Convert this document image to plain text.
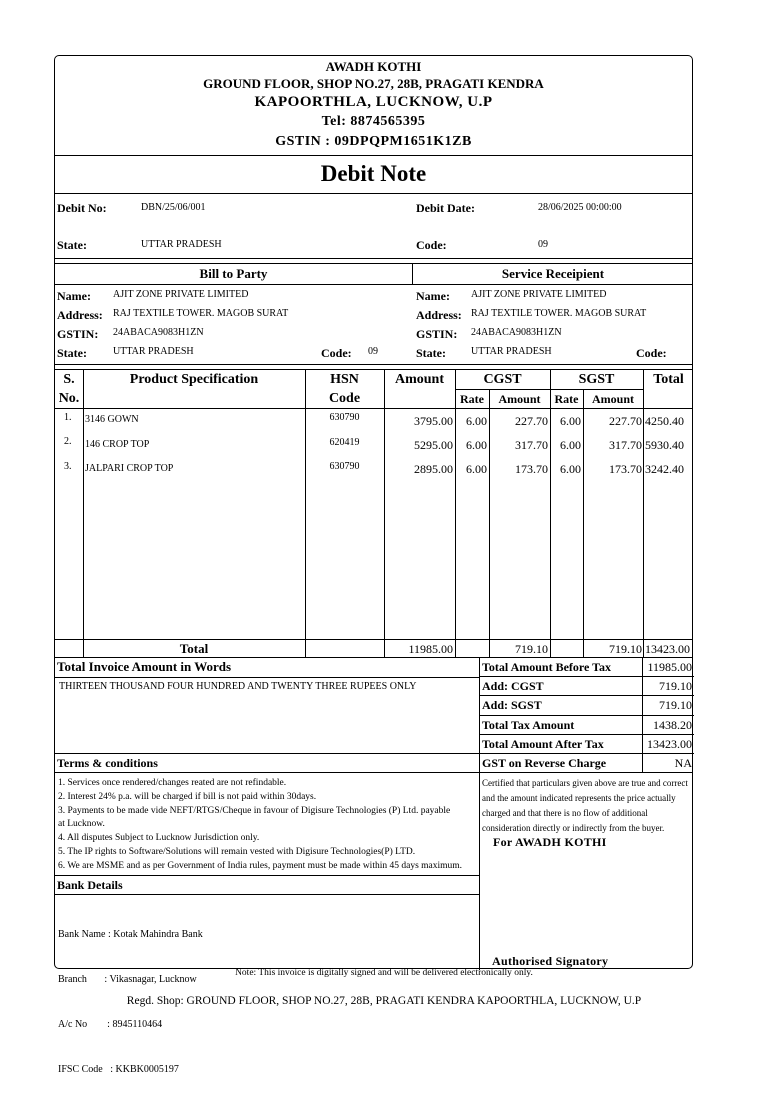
AWADH KOTHI
GROUND FLOOR, SHOP NO.27, 28B, PRAGATI KENDRA
KAPOORTHLA, LUCKNOW, U.P
Tel: 8874565395
GSTIN : 09DPQPM1651K1ZB
Debit Note
Debit No:	DBN/25/06/001	Debit Date:	28/06/2025 00:00:00
State:	UTTAR PRADESH	Code:	09
Bill to Party	Service Receipient
Name: AJIT ZONE PRIVATE LIMITED
Address: RAJ TEXTILE TOWER. MAGOB SURAT
GSTIN: 24ABACA9083H1ZN
State:	UTTAR PRADESH	Code: 09
Name: AJIT ZONE PRIVATE LIMITED
Address: RAJ TEXTILE TOWER. MAGOB SURAT
GSTIN: 24ABACA9083H1ZN
State:	UTTAR PRADESH	Code:
S.
No.
Product Specification	HSN
Code
Amount	CGST	SGST	Total
Rate	Amount	Rate	Amount
1. 3146 GOWN	630790	3795.00	6.00	227.70	6.00	227.70 4250.40
2. 146 CROP TOP	620419	5295.00	6.00	317.70	6.00	317.70 5930.40
3. JALPARI CROP TOP	630790	2895.00	6.00	173.70	6.00	173.70 3242.40
Total	11985.00	719.10	719.10 13423.00
Total Invoice Amount in Words
THIRTEEN THOUSAND FOUR HUNDRED AND TWENTY THREE RUPEES ONLY
Total Amount Before Tax	11985.00
Add: CGST	719.10
Add: SGST	719.10
Total Tax Amount	1438.20
Total Amount After Tax	13423.00
GST on Reverse Charge	NA
Terms & conditions
1. Services once rendered/changes reated are not refindable.
2. Interest 24% p.a. will be charged if bill is not paid within 30days.
3. Payments to be made vide NEFT/RTGS/Cheque in favour of Digisure Technologies (P) Ltd. payable
at Lucknow.
4. All disputes Subject to Lucknow Jurisdiction only.
5. The IP rights to Software/Solutions will remain vested with Digisure Technologies(P) LTD.
6. We are MSME and as per Government of India rules, payment must be made within 45 days maximum.
Certified that particulars given above are true and correct
and the amount indicated represents the price actually
charged and that there is no flow of additional
consideration directly or indirectly from the buyer.
For AWADH KOTHI
Bank Details

Bank Name : Kotak Mahindra Bank

Branch       : Vikasnagar, Lucknow

A/c No        : 8945110464

IFSC Code   : KKBK0005197

Authorised Signatory
Note: This invoice is digitally signed and will be delivered electronically only.
Regd. Shop: GROUND FLOOR, SHOP NO.27, 28B, PRAGATI KENDRA KAPOORTHLA, LUCKNOW, U.P
